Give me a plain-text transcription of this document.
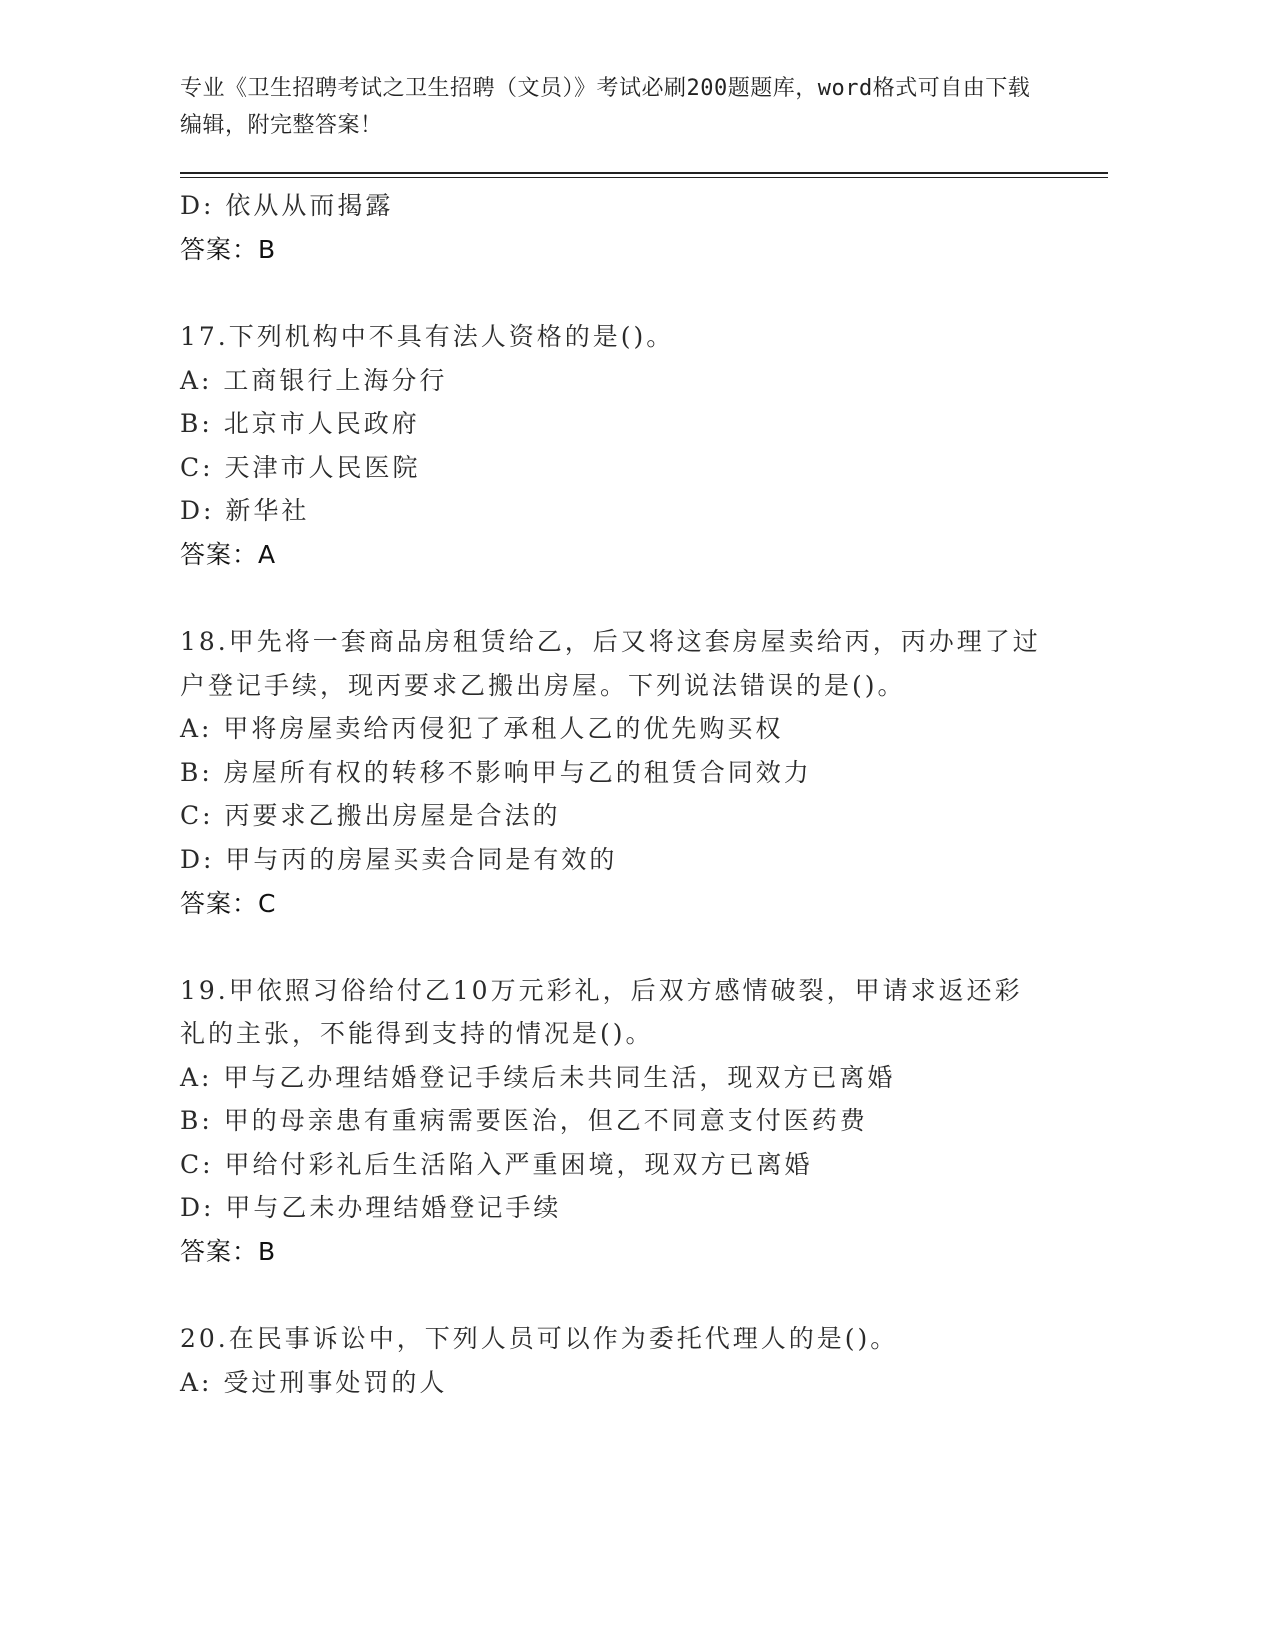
专业《卫生招聘考试之卫生招聘（文员）》考试必刷200题题库，word格式可自由下载编辑，附完整答案！
D: 依从从而揭露
答案：B
17.下列机构中不具有法人资格的是()。
A: 工商银行上海分行
B: 北京市人民政府
C: 天津市人民医院
D: 新华社
答案：A
18.甲先将一套商品房租赁给乙，后又将这套房屋卖给丙，丙办理了过
户登记手续，现丙要求乙搬出房屋。下列说法错误的是()。
A: 甲将房屋卖给丙侵犯了承租人乙的优先购买权
B: 房屋所有权的转移不影响甲与乙的租赁合同效力
C: 丙要求乙搬出房屋是合法的
D: 甲与丙的房屋买卖合同是有效的
答案：C
19.甲依照习俗给付乙10万元彩礼，后双方感情破裂，甲请求返还彩
礼的主张，不能得到支持的情况是()。
A: 甲与乙办理结婚登记手续后未共同生活，现双方已离婚
B: 甲的母亲患有重病需要医治，但乙不同意支付医药费
C: 甲给付彩礼后生活陷入严重困境，现双方已离婚
D: 甲与乙未办理结婚登记手续
答案：B
20.在民事诉讼中，下列人员可以作为委托代理人的是()。
A: 受过刑事处罚的人
